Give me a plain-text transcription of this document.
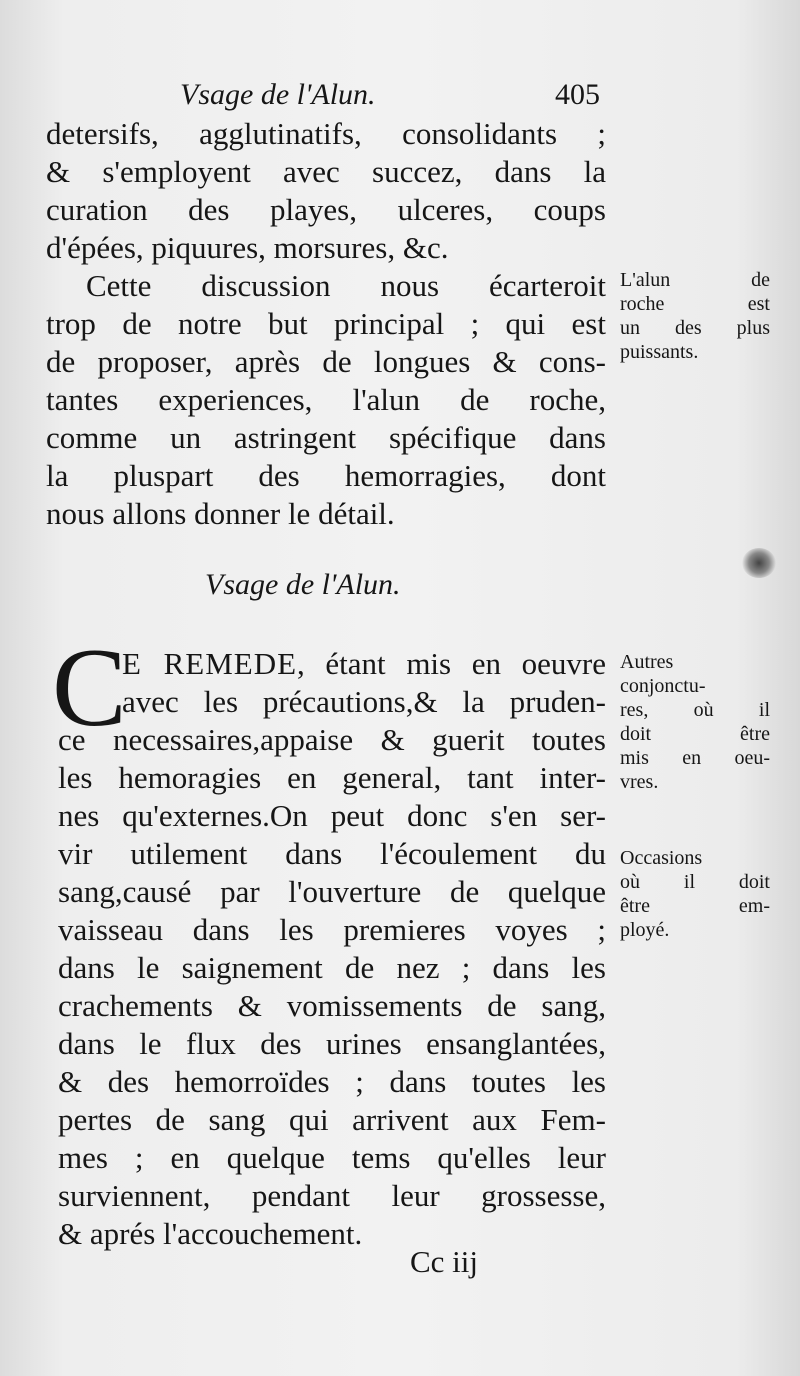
Vsage de l'Alun.	405
detersifs, agglutinatifs, consolidants ;
& s'employent avec succez, dans la
curation des playes, ulceres, coups
d'épées, piquures, morsures, &c.
Cette discussion nous écarteroit
trop de notre but principal ; qui est
de proposer, après de longues & cons-
tantes experiences, l'alun de roche,
comme un astringent spécifique dans
la pluspart des hemorragies, dont
nous allons donner le détail.
L'alun de
roche est
un des plus
puissants.
Vsage de l'Alun.
C
E REMEDE, étant mis en oeuvre
avec les précautions,& la pruden-
ce necessaires,appaise & guerit toutes
les hemoragies en general, tant inter-
nes qu'externes.On peut donc s'en ser-
vir utilement dans l'écoulement du
sang,causé par l'ouverture de quelque
vaisseau dans les premieres voyes ;
dans le saignement de nez ; dans les
crachements & vomissements de sang,
dans le flux des urines ensanglantées,
& des hemorroïdes ; dans toutes les
pertes de sang qui arrivent aux Fem-
mes ; en quelque tems qu'elles leur
surviennent, pendant leur grossesse,
& aprés l'accouchement.
Autres
conjonctu-
res, où il
doit être
mis en oeu-
vres.
Occasions
où il doit
être em-
ployé.
Cc iij
